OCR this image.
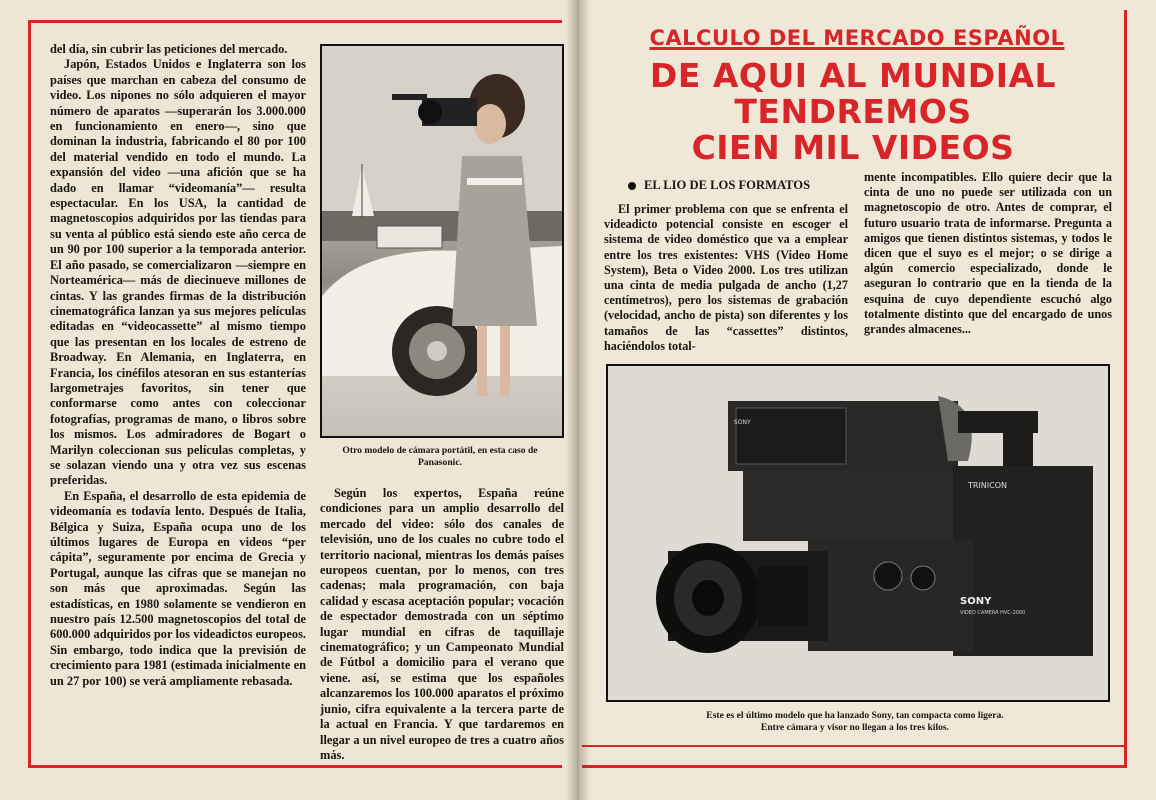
del día, sin cubrir las peticiones del mercado.

Japón, Estados Unidos e Inglaterra son los países que marchan en cabeza del consumo de video. Los nipones no sólo adquieren el mayor número de aparatos —superarán los 3.000.000 en funcionamiento en enero—, sino que dominan la industria, fabricando el 80 por 100 del material vendido en todo el mundo. La expansión del video —una afición que se ha dado en llamar “videomanía”— resulta espectacular. En los USA, la cantidad de magnetoscopios adquiridos por las tiendas para su venta al público está siendo este año cerca de un 90 por 100 superior a la temporada anterior. El año pasado, se comercializaron —siempre en Norteamérica— más de diecinueve millones de cintas. Y las grandes firmas de la distribución cinematográfica lanzan ya sus mejores películas editadas en “videocassette” al mismo tiempo que las presentan en los locales de estreno de Broadway. En Alemania, en Inglaterra, en Francia, los cinéfilos atesoran en sus estanterías largometrajes favoritos, sin tener que conformarse como antes con coleccionar fotografías, programas de mano, o libros sobre los mismos. Los admiradores de Bogart o Marilyn coleccionan sus películas completas, y se solazan viendo una y otra vez sus escenas preferidas.

En España, el desarrollo de esta epidemia de videomanía es todavía lento. Después de Italia, Bélgica y Suiza, España ocupa uno de los últimos lugares de Europa en videos “per cápita”, seguramente por encima de Grecia y Portugal, aunque las cifras que se manejan no son más que aproximadas. Según las estadísticas, en 1980 solamente se vendieron en nuestro país 12.500 magnetoscopios del total de 600.000 adquiridos por los videadictos europeos. Sin embargo, todo indica que la previsión de crecimiento para 1981 (estimada inicialmente en un 27 por 100) se verá ampliamente rebasada.

Otro modelo de cámara portátil, en esta caso de Panasonic.

Según los expertos, España reúne condiciones para un amplio desarrollo del mercado del video: sólo dos canales de televisión, uno de los cuales no cubre todo el territorio nacional, mientras los demás países europeos cuentan, por lo menos, con tres cadenas; mala programación, con baja calidad y escasa aceptación popular; vocación de espectador demostrada con un séptimo lugar mundial en cifras de taquillaje cinematográfico; y un Campeonato Mundial de Fútbol a domicilio para el verano que viene. así, se estima que los españoles alcanzaremos los 100.000 aparatos el próximo junio, cifra equivalente a la tercera parte de la actual en Francia. Y que tardaremos en llegar a un nivel europeo de tres a cuatro años más.

CALCULO DEL MERCADO ESPAÑOL
DE AQUI AL MUNDIAL
TENDREMOS
CIEN MIL VIDEOS
EL LIO DE LOS FORMATOS

El primer problema con que se enfrenta el videadicto potencial consiste en escoger el sistema de video doméstico que va a emplear entre los tres existentes: VHS (Video Home System), Beta o Video 2000. Los tres utilizan una cinta de media pulgada de ancho (1,27 centímetros), pero los sistemas de grabación (velocidad, ancho de pista) son diferentes y los tamaños de las “cassettes” distintos, haciéndolos total-

mente incompatibles. Ello quiere decir que la cinta de uno no puede ser utilizada con un magnetoscopio de otro. Antes de comprar, el futuro usuario trata de informarse. Pregunta a amigos que tienen distintos sistemas, y todos le dicen que el suyo es el mejor; o se dirige a algún comercio especializado, donde le aseguran lo contrario que en la tienda de la esquina de cuyo dependiente escuchó algo totalmente distinto que del encargado de unos grandes almacenes...

SONY
TRINICON
SONY
VIDEO CAMERA HVC-2000
Este es el último modelo que ha lanzado Sony, tan compacta como ligera.
Entre cámara y visor no llegan a los tres kilos.
